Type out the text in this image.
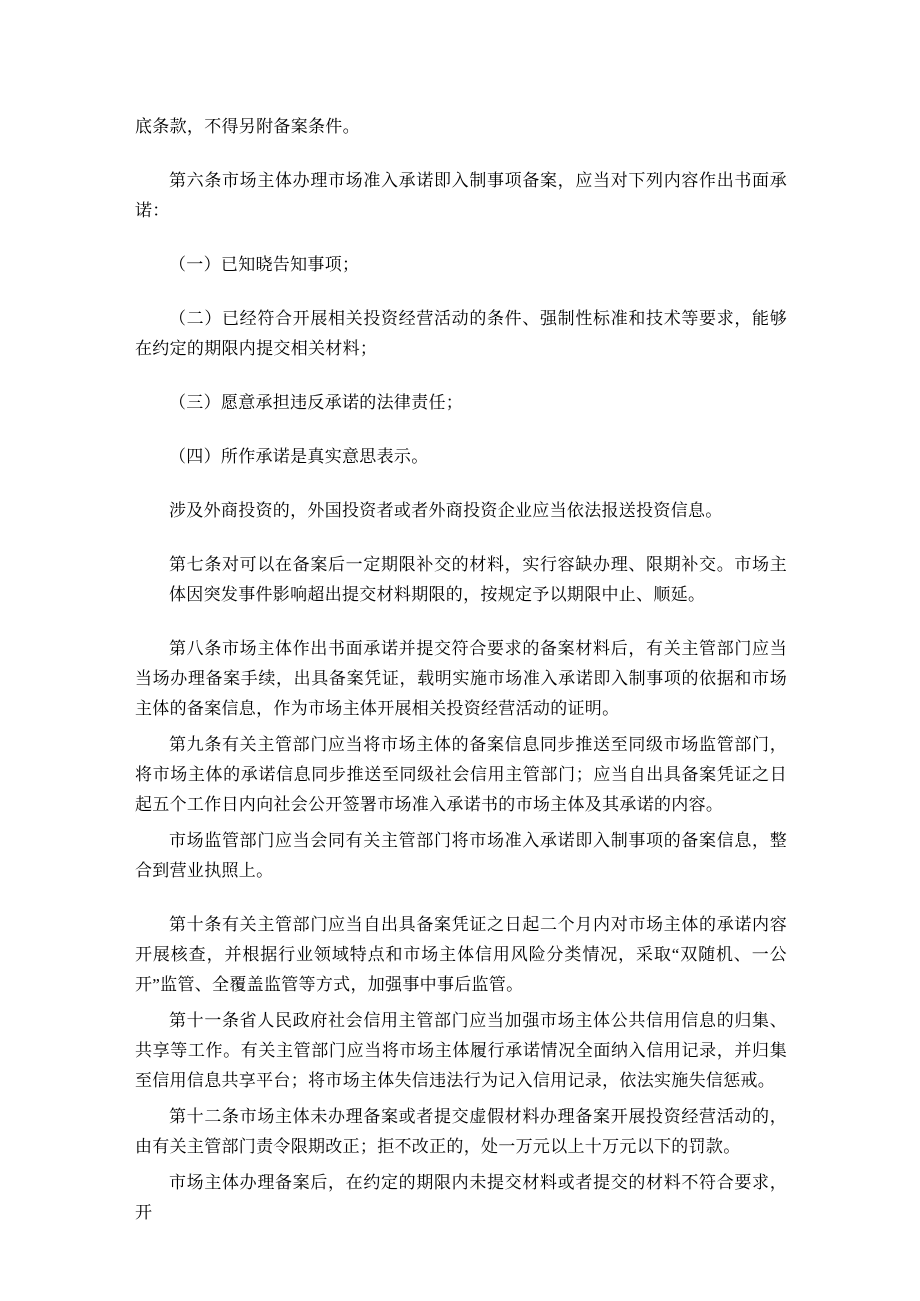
底条款，不得另附备案条件。

第六条市场主体办理市场准入承诺即入制事项备案，应当对下列内容作出书面承诺：

（一）已知晓告知事项；

（二）已经符合开展相关投资经营活动的条件、强制性标准和技术等要求，能够在约定的期限内提交相关材料；

（三）愿意承担违反承诺的法律责任；

（四）所作承诺是真实意思表示。

涉及外商投资的，外国投资者或者外商投资企业应当依法报送投资信息。

第七条对可以在备案后一定期限补交的材料，实行容缺办理、限期补交。市场主体因突发事件影响超出提交材料期限的，按规定予以期限中止、顺延。

第八条市场主体作出书面承诺并提交符合要求的备案材料后，有关主管部门应当当场办理备案手续，出具备案凭证，载明实施市场准入承诺即入制事项的依据和市场主体的备案信息，作为市场主体开展相关投资经营活动的证明。

第九条有关主管部门应当将市场主体的备案信息同步推送至同级市场监管部门，将市场主体的承诺信息同步推送至同级社会信用主管部门；应当自出具备案凭证之日起五个工作日内向社会公开签署市场准入承诺书的市场主体及其承诺的内容。

市场监管部门应当会同有关主管部门将市场准入承诺即入制事项的备案信息，整合到营业执照上。

第十条有关主管部门应当自出具备案凭证之日起二个月内对市场主体的承诺内容开展核查，并根据行业领域特点和市场主体信用风险分类情况，采取“双随机、一公开”监管、全覆盖监管等方式，加强事中事后监管。

第十一条省人民政府社会信用主管部门应当加强市场主体公共信用信息的归集、共享等工作。有关主管部门应当将市场主体履行承诺情况全面纳入信用记录，并归集至信用信息共享平台；将市场主体失信违法行为记入信用记录，依法实施失信惩戒。

第十二条市场主体未办理备案或者提交虚假材料办理备案开展投资经营活动的，由有关主管部门责令限期改正；拒不改正的，处一万元以上十万元以下的罚款。

市场主体办理备案后，在约定的期限内未提交材料或者提交的材料不符合要求，开
